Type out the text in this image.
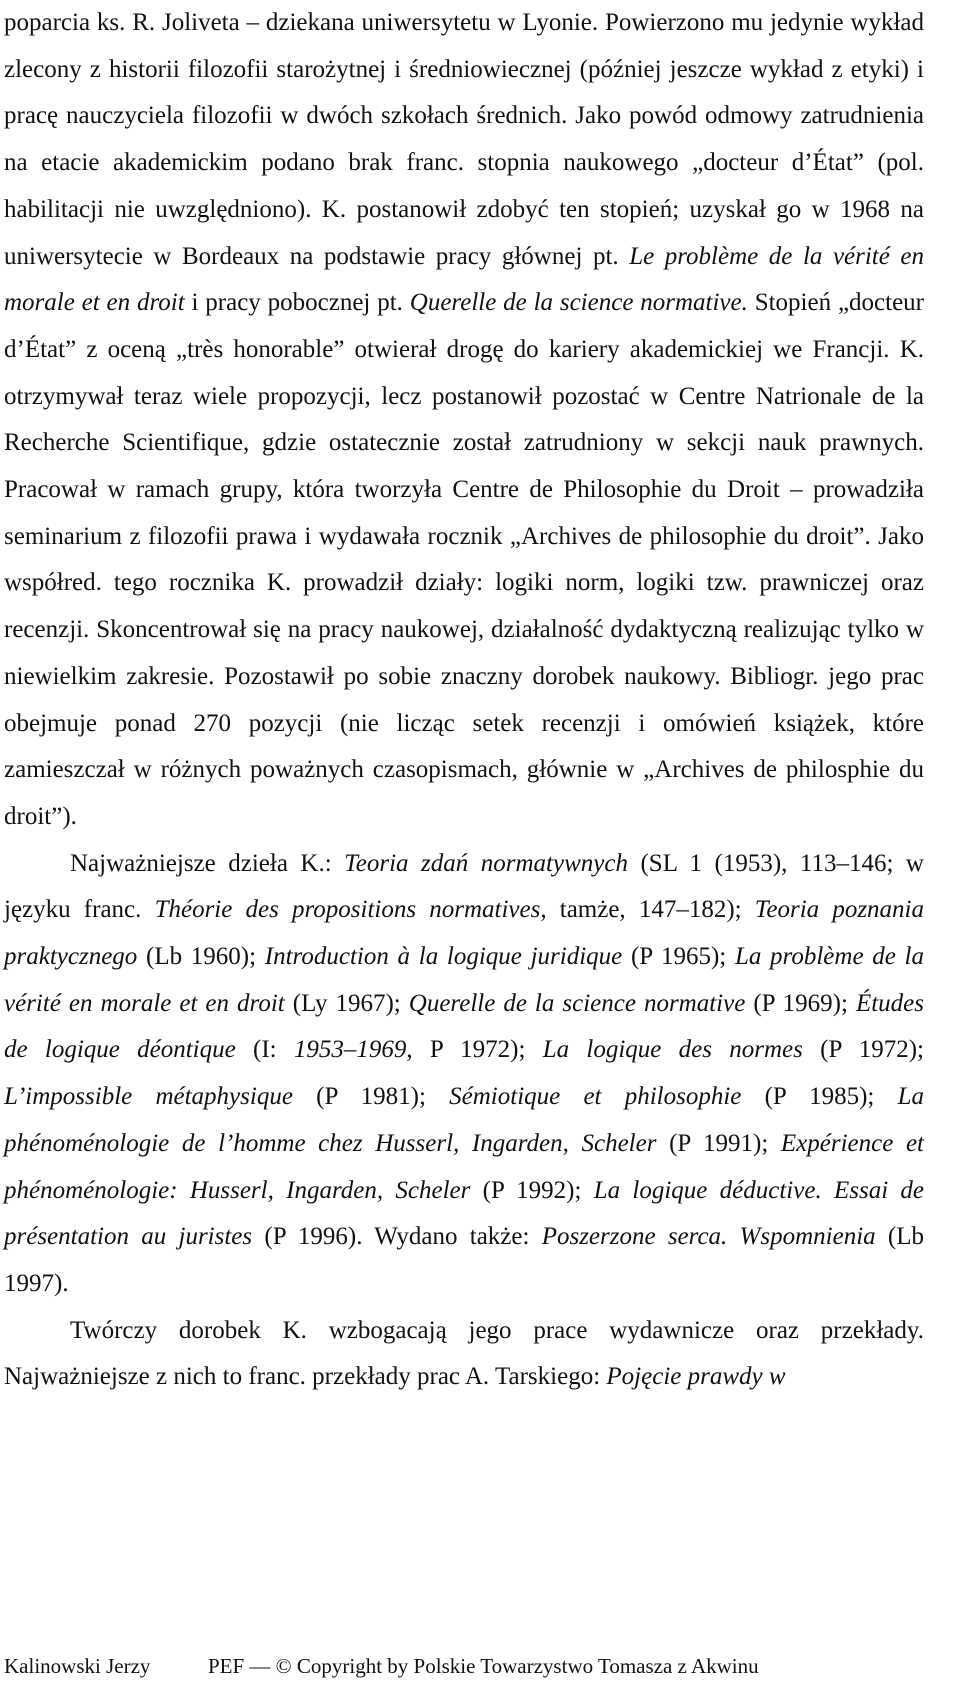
poparcia ks. R. Joliveta – dziekana uniwersytetu w Lyonie. Powierzono mu jedynie wykład zlecony z historii filozofii starożytnej i średniowiecznej (później jeszcze wykład z etyki) i pracę nauczyciela filozofii w dwóch szkołach średnich. Jako powód odmowy zatrudnienia na etacie akademickim podano brak franc. stopnia naukowego „docteur d’État” (pol. habilitacji nie uwzględniono). K. postanowił zdobyć ten stopień; uzyskał go w 1968 na uniwersytecie w Bordeaux na podstawie pracy głównej pt. Le problème de la vérité en morale et en droit i pracy pobocznej pt. Querelle de la science normative. Stopień „docteur d’État” z oceną „très honorable” otwierał drogę do kariery akademickiej we Francji. K. otrzymywał teraz wiele propozycji, lecz postanowił pozostać w Centre Natrionale de la Recherche Scientifique, gdzie ostatecznie został zatrudniony w sekcji nauk prawnych. Pracował w ramach grupy, która tworzyła Centre de Philosophie du Droit – prowadziła seminarium z filozofii prawa i wydawała rocznik „Archives de philosophie du droit”. Jako współred. tego rocznika K. prowadził działy: logiki norm, logiki tzw. prawniczej oraz recenzji. Skoncentrował się na pracy naukowej, działalność dydaktyczną realizując tylko w niewielkim zakresie. Pozostawił po sobie znaczny dorobek naukowy. Bibliogr. jego prac obejmuje ponad 270 pozycji (nie licząc setek recenzji i omówień książek, które zamieszczał w różnych poważnych czasopismach, głównie w „Archives de philosphie du droit”).
Najważniejsze dzieła K.: Teoria zdań normatywnych (SL 1 (1953), 113–146; w języku franc. Théorie des propositions normatives, tamże, 147–182); Teoria poznania praktycznego (Lb 1960); Introduction à la logique juridique (P 1965); La problème de la vérité en morale et en droit (Ly 1967); Querelle de la science normative (P 1969); Études de logique déontique (I: 1953–1969, P 1972); La logique des normes (P 1972); L’impossible métaphysique (P 1981); Sémiotique et philosophie (P 1985); La phénoménologie de l’homme chez Husserl, Ingarden, Scheler (P 1991); Expérience et phénoménologie: Husserl, Ingarden, Scheler (P 1992); La logique déductive. Essai de présentation au juristes (P 1996). Wydano także: Poszerzone serca. Wspomnienia (Lb 1997).
Twórczy dorobek K. wzbogacają jego prace wydawnicze oraz przekłady. Najważniejsze z nich to franc. przekłady prac A. Tarskiego: Pojęcie prawdy w
Kalinowski Jerzy	PEF — © Copyright by Polskie Towarzystwo Tomasza z Akwinu
